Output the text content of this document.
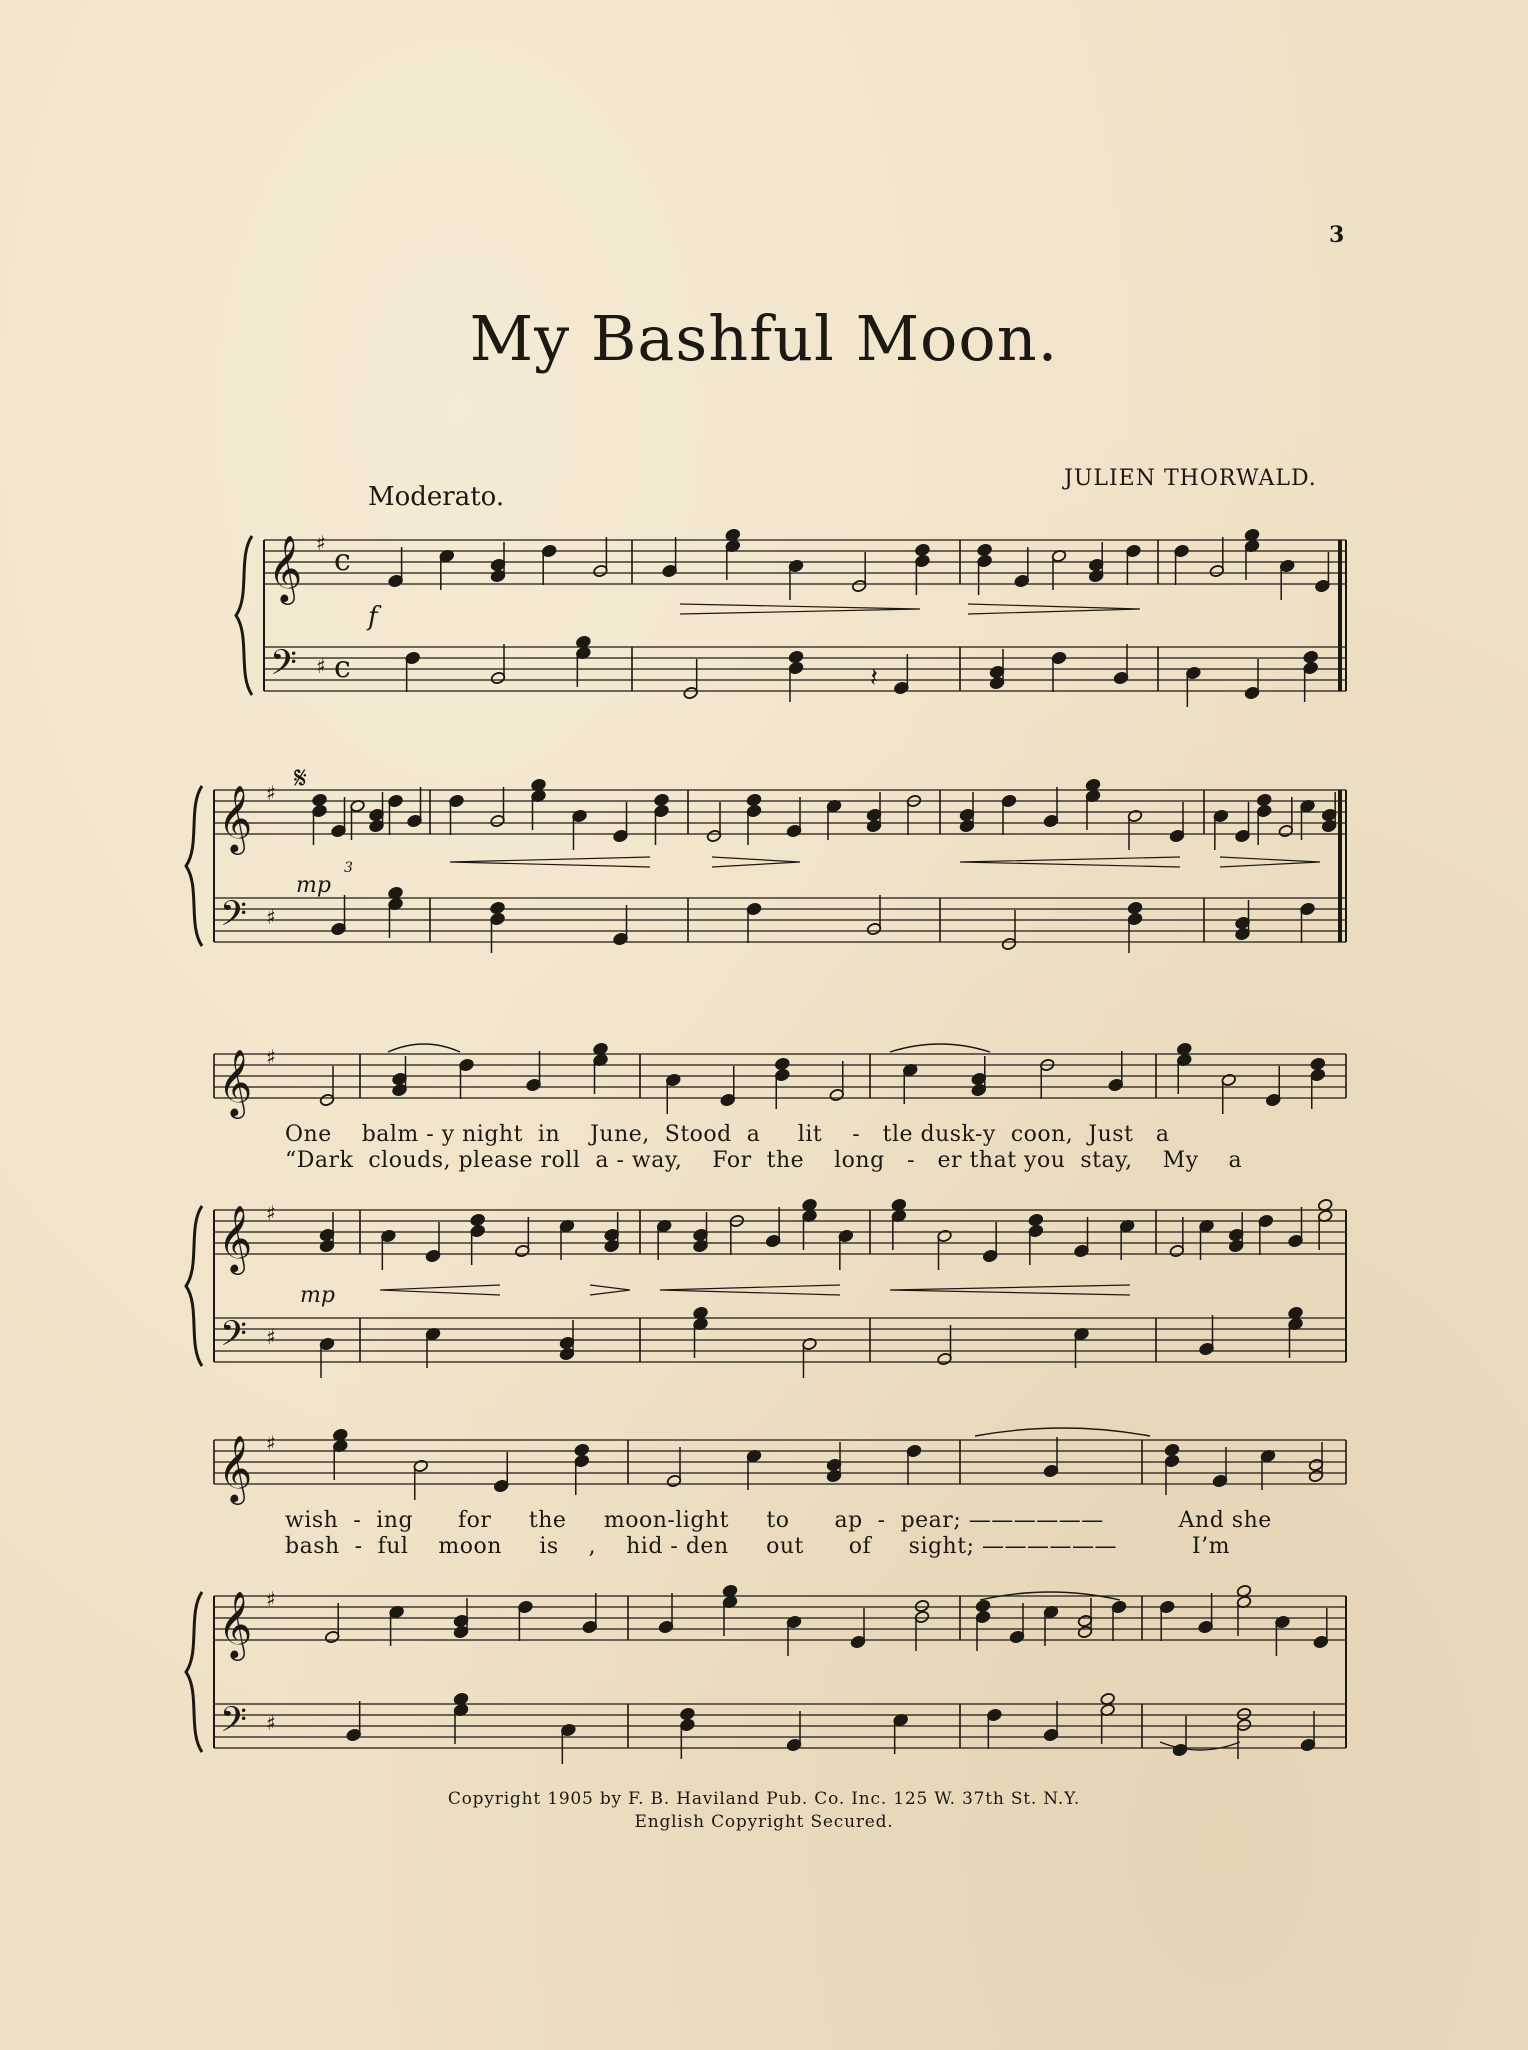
3
My Bashful Moon.
Moderato.
JULIEN THORWALD.
𝄞
𝄢
♯
♯
c
c
f
𝄽
𝄞
𝄢
♯
♯
𝄋
mp
3
𝄞 ♯
𝄞
𝄢
♯
♯
mp
𝄞 ♯
𝄞
𝄢
♯
♯
One    balm - y night  in    June,  Stood  a     lit    -   tle dusk-y  coon,  Just   a
“Dark  clouds, please roll  a - way,    For  the    long   -   er that you  stay,    My    a
wish  -  ing      for     the     moon-light     to      ap  -  pear; ——————          And she
bash  -  ful    moon     is    ,    hid - den     out      of     sight; ——————          I’m
Copyright 1905 by F. B. Haviland Pub. Co. Inc. 125 W. 37th St. N.Y.
English Copyright Secured.
